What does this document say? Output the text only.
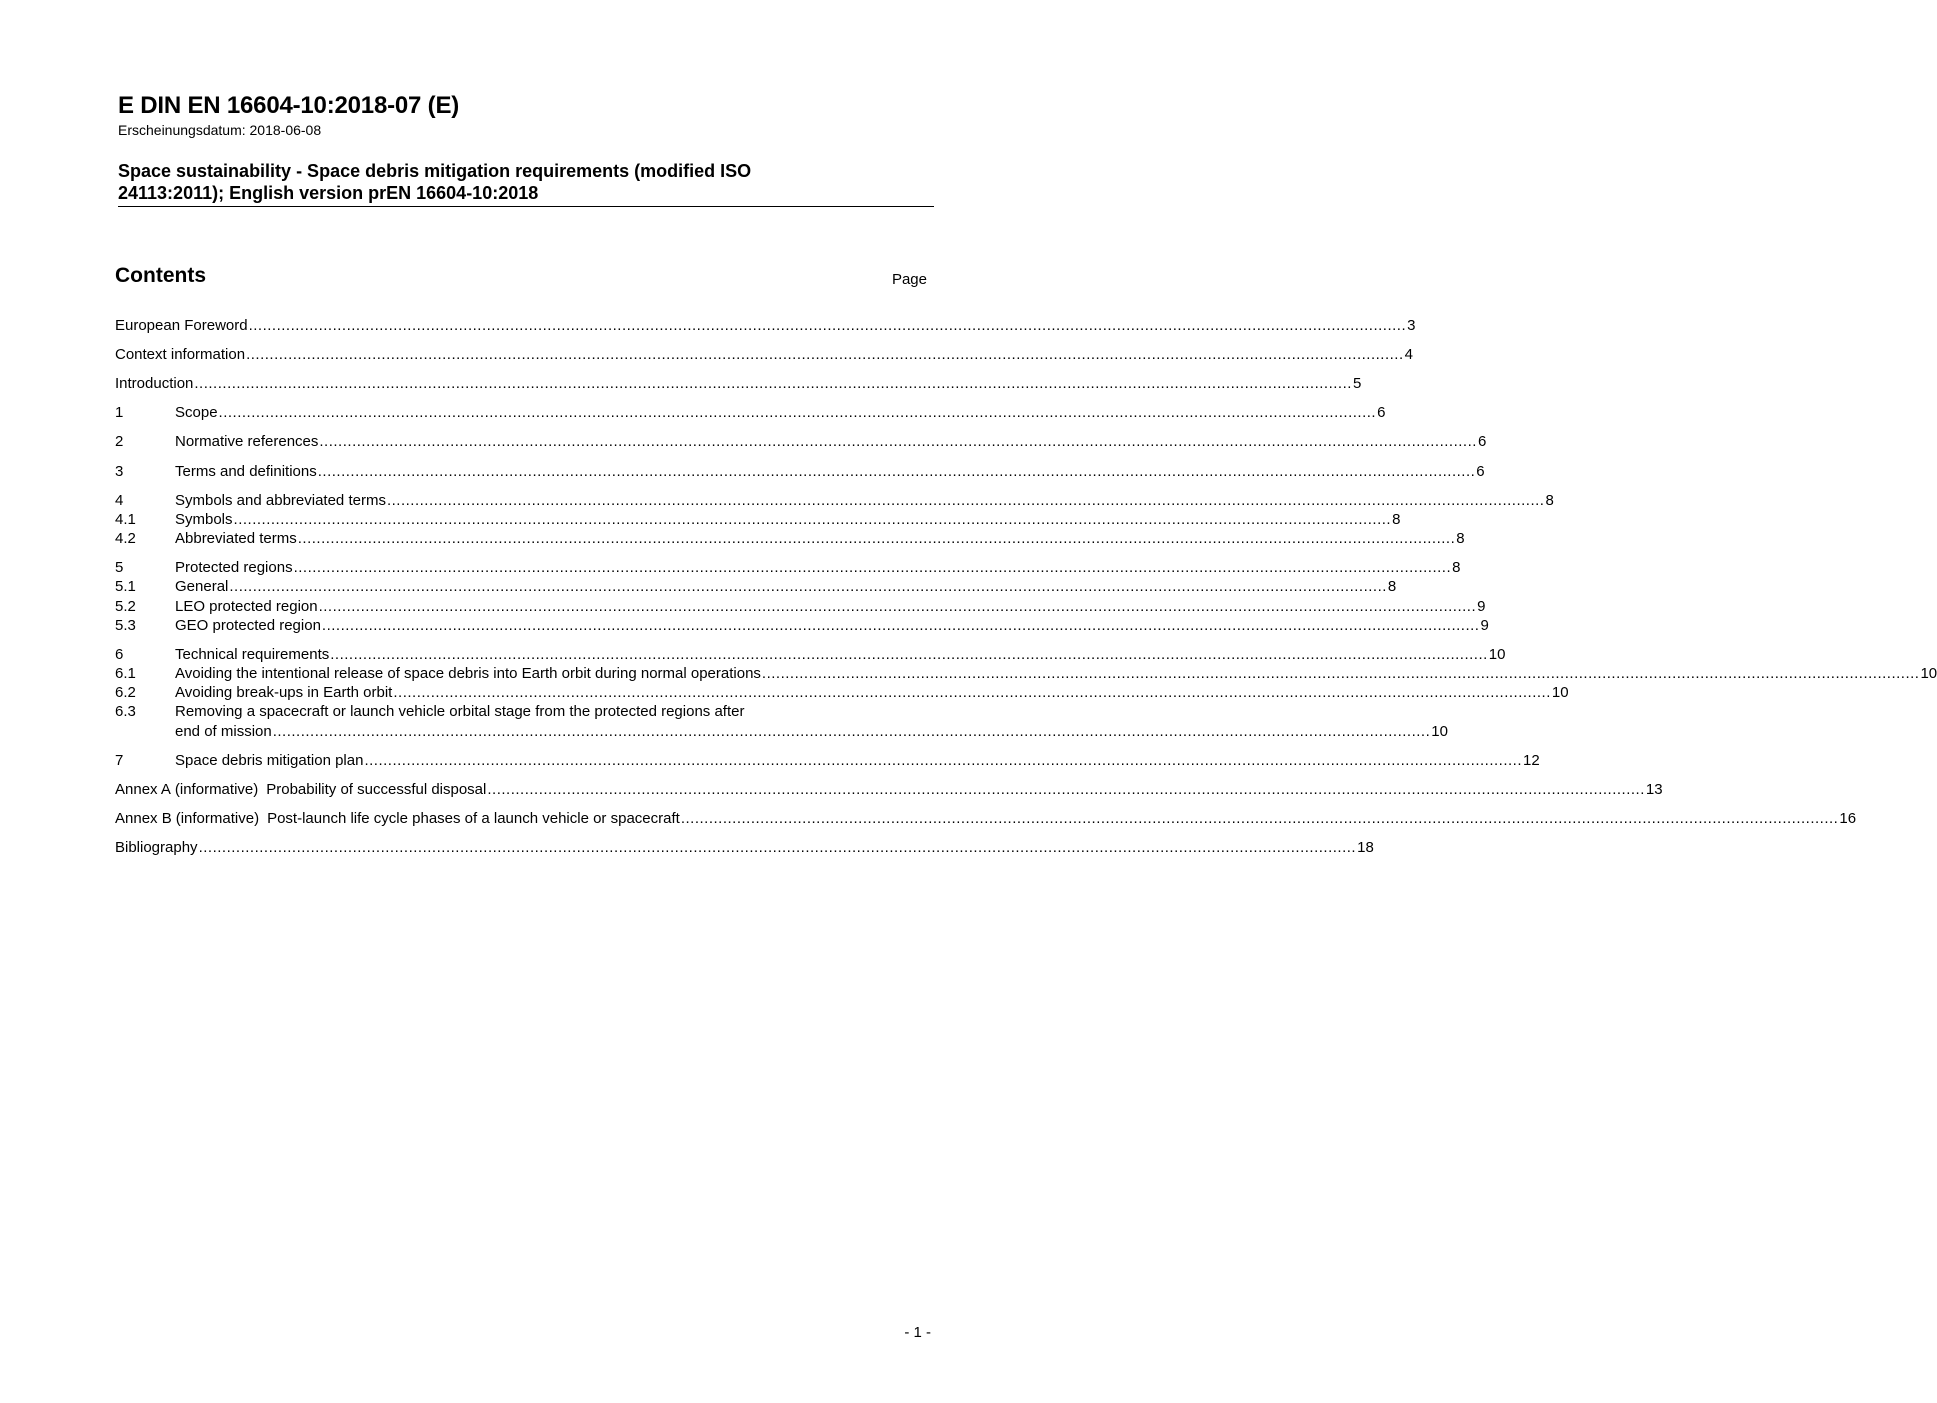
E DIN EN 16604-10:2018-07 (E)
Erscheinungsdatum: 2018-06-08
Space sustainability - Space debris mitigation requirements (modified ISO
24113:2011); English version prEN 16604-10:2018
Contents	Page
European Foreword .....	3
Context information .....	4
Introduction .....	5
1	Scope .....	6
2	Normative references .....	6
3	Terms and definitions .....	6
4	Symbols and abbreviated terms .....	8
4.1	Symbols .....	8
4.2	Abbreviated terms .....	8
5	Protected regions .....	8
5.1	General .....	8
5.2	LEO protected region .....	9
5.3	GEO protected region .....	9
6	Technical requirements .....	10
6.1	Avoiding the intentional release of space debris into Earth orbit during normal operations .....	10
6.2	Avoiding break-ups in Earth orbit .....	10
6.3	Removing a spacecraft or launch vehicle orbital stage from the protected regions after
end of mission .....	10
7	Space debris mitigation plan .....	12
Annex A (informative) Probability of successful disposal .....	13
Annex B (informative) Post-launch life cycle phases of a launch vehicle or spacecraft .....	16
Bibliography .....	18
- 1 -
